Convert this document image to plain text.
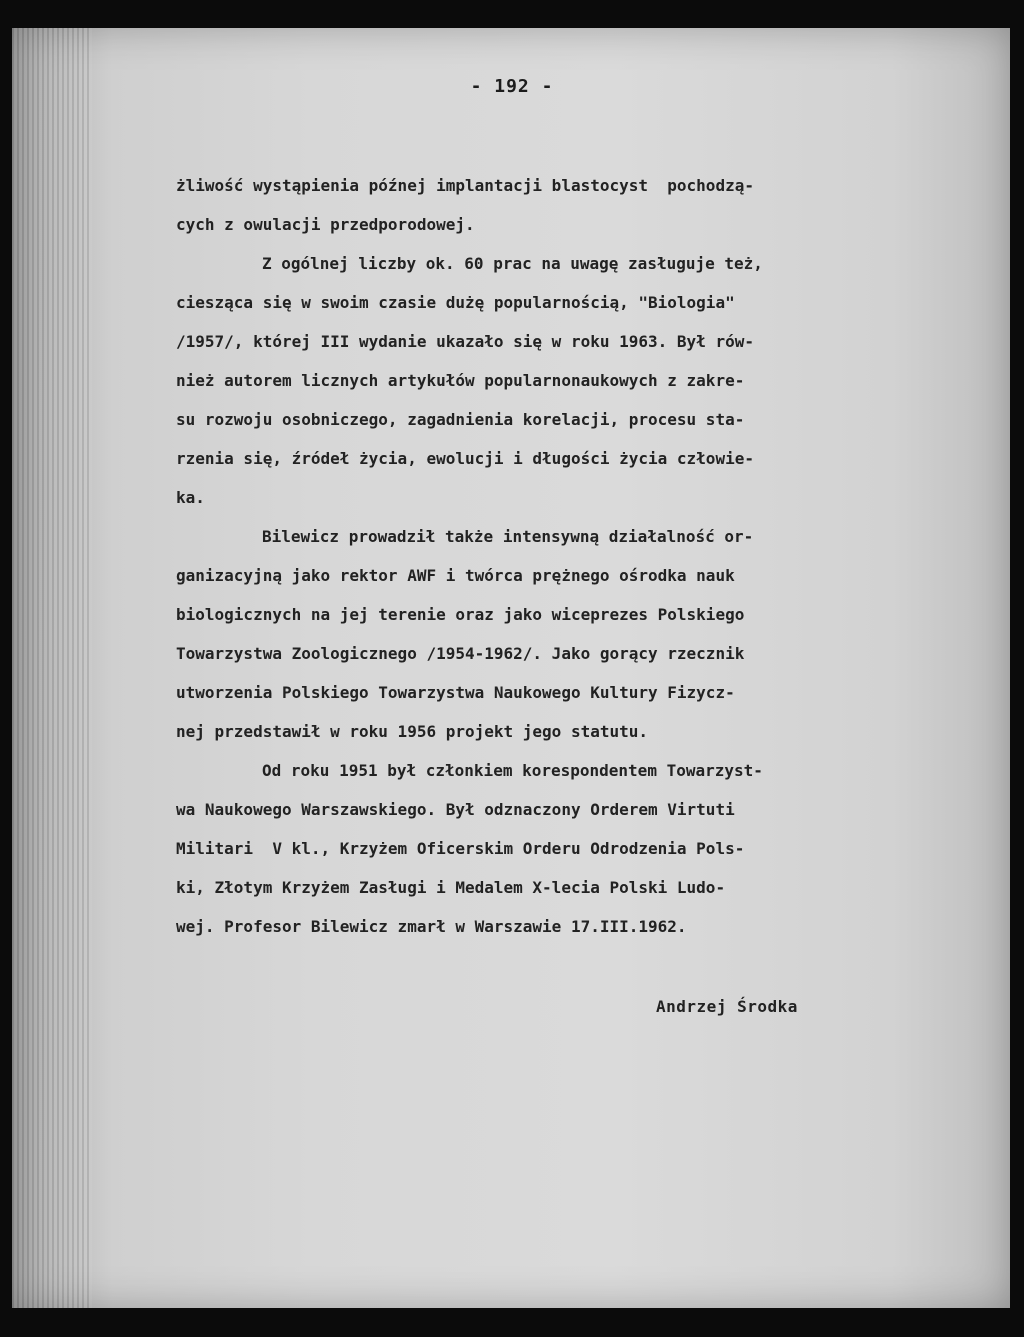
- 192 -
żliwość wystąpienia późnej implantacji blastocyst  pochodzą-
cych z owulacji przedporodowej.
Z ogólnej liczby ok. 60 prac na uwagę zasługuje też,
ciesząca się w swoim czasie dużę popularnością, "Biologia"
/1957/, której III wydanie ukazało się w roku 1963. Był rów-
nież autorem licznych artykułów popularnonaukowych z zakre-
su rozwoju osobniczego, zagadnienia korelacji, procesu sta-
rzenia się, źródeł życia, ewolucji i długości życia człowie-
ka.
Bilewicz prowadził także intensywną działalność or-
ganizacyjną jako rektor AWF i twórca prężnego ośrodka nauk
biologicznych na jej terenie oraz jako wiceprezes Polskiego
Towarzystwa Zoologicznego /1954-1962/. Jako gorący rzecznik
utworzenia Polskiego Towarzystwa Naukowego Kultury Fizycz-
nej przedstawił w roku 1956 projekt jego statutu.
Od roku 1951 był członkiem korespondentem Towarzyst-
wa Naukowego Warszawskiego. Był odznaczony Orderem Virtuti
Militari  V kl., Krzyżem Oficerskim Orderu Odrodzenia Pols-
ki, Złotym Krzyżem Zasługi i Medalem X-lecia Polski Ludo-
wej. Profesor Bilewicz zmarł w Warszawie 17.III.1962.
Andrzej Środka
